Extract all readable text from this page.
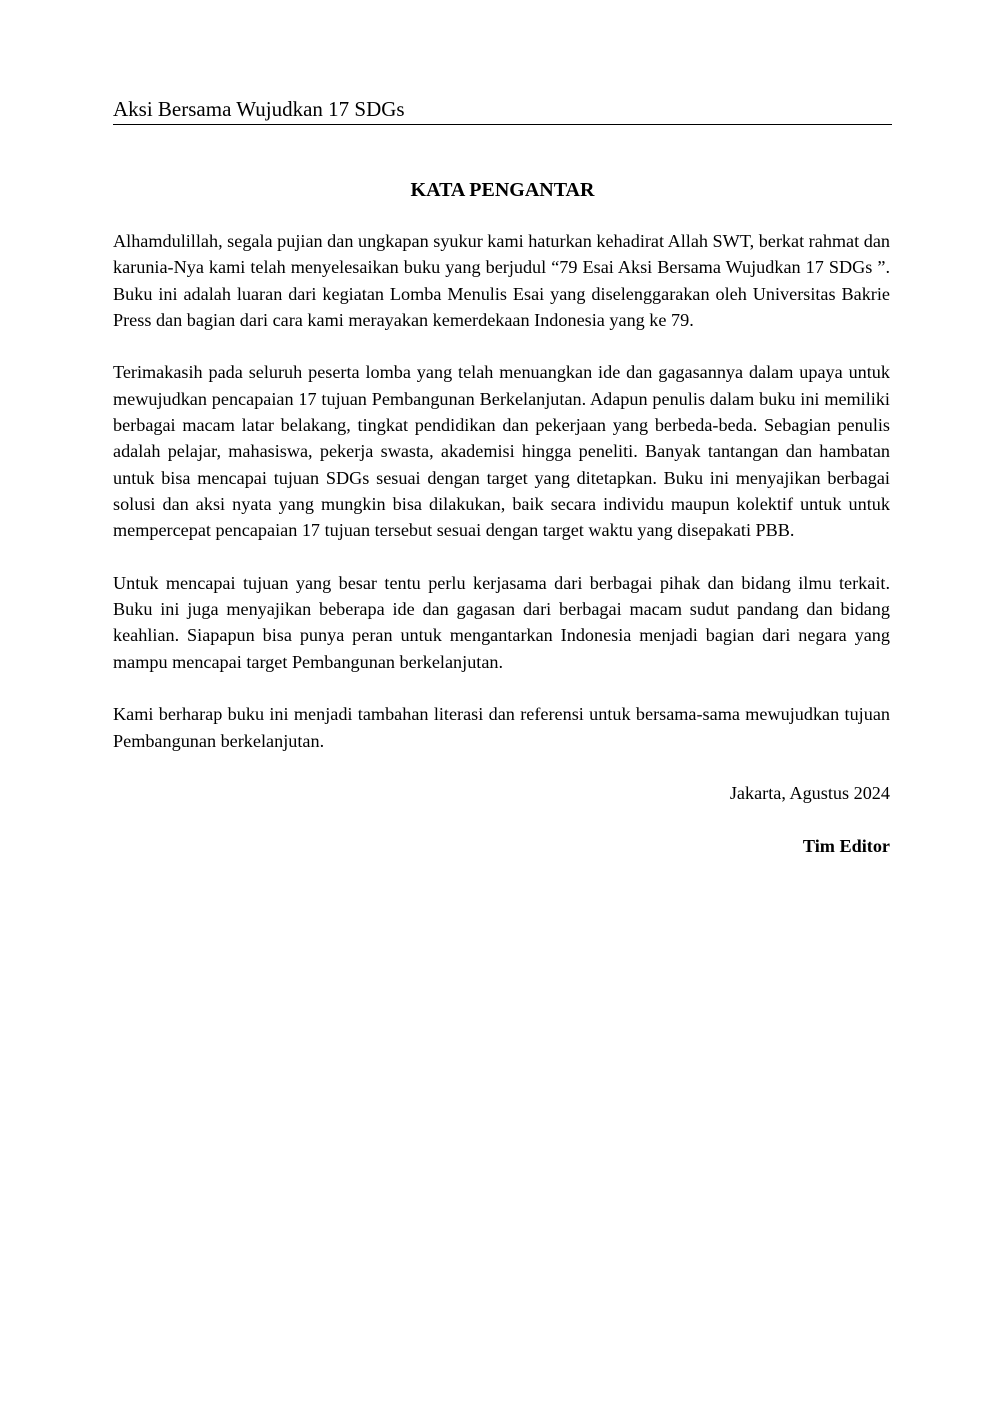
Aksi Bersama Wujudkan 17 SDGs
KATA PENGANTAR

Alhamdulillah, segala pujian dan ungkapan syukur kami haturkan kehadirat Allah SWT, berkat rahmat dan karunia-Nya kami telah menyelesaikan buku yang berjudul “79 Esai Aksi Bersama Wujudkan 17 SDGs ”. Buku ini adalah luaran dari kegiatan Lomba Menulis Esai yang diselenggarakan oleh Universitas Bakrie Press dan bagian dari cara kami merayakan kemerdekaan Indonesia yang ke 79.

Terimakasih pada seluruh peserta lomba yang telah menuangkan ide dan gagasannya dalam upaya untuk mewujudkan pencapaian 17 tujuan Pembangunan Berkelanjutan. Adapun penulis dalam buku ini memiliki berbagai macam latar belakang, tingkat pendidikan dan pekerjaan yang berbeda-beda. Sebagian penulis adalah pelajar, mahasiswa, pekerja swasta, akademisi hingga peneliti. Banyak tantangan dan hambatan untuk bisa mencapai tujuan SDGs sesuai dengan target yang ditetapkan. Buku ini menyajikan berbagai solusi dan aksi nyata yang mungkin bisa dilakukan, baik secara individu maupun kolektif untuk untuk mempercepat pencapaian 17 tujuan tersebut sesuai dengan target waktu yang disepakati PBB.

Untuk mencapai tujuan yang besar tentu perlu kerjasama dari berbagai pihak dan bidang ilmu terkait. Buku ini juga menyajikan beberapa ide dan gagasan dari berbagai macam sudut pandang dan bidang keahlian. Siapapun bisa punya peran untuk mengantarkan Indonesia menjadi bagian dari negara yang mampu mencapai target Pembangunan berkelanjutan.

Kami berharap buku ini menjadi tambahan literasi dan referensi untuk bersama-sama mewujudkan tujuan Pembangunan berkelanjutan.

Jakarta, Agustus 2024

Tim Editor
